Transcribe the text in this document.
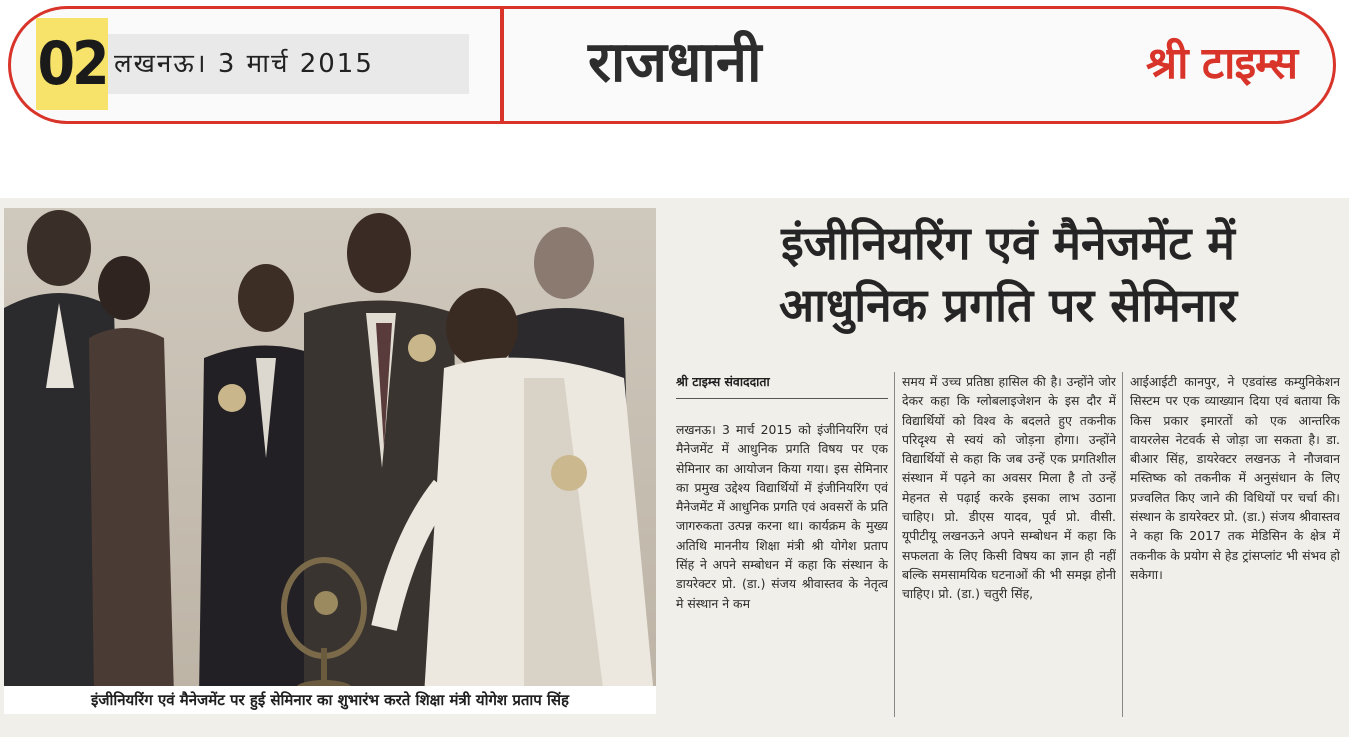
02 लखनऊ। 3 मार्च 2015	राजधानी	श्री टाइम्स
इंजीनियरिंग एवं मैनेजमेंट पर हुई सेमिनार का शुभारंभ करते शिक्षा मंत्री योगेश प्रताप सिंह
इंजीनियरिंग एवं मैनेजमेंट में
आधुनिक प्रगति पर सेमिनार
श्री टाइम्स संवाददाता

लखनऊ। 3 मार्च 2015 को इंजीनियरिंग एवं मैनेजमेंट में आधुनिक प्रगति विषय पर एक सेमिनार का आयोजन किया गया। इस सेमिनार का प्रमुख उद्देश्य विद्यार्थियों में इंजीनियरिंग एवं मैनेजमेंट में आधुनिक प्रगति एवं अवसरों के प्रति जागरुकता उत्पन्न करना था। कार्यक्रम के मुख्य अतिथि माननीय शिक्षा मंत्री श्री योगेश प्रताप सिंह ने अपने सम्बोधन में कहा कि संस्थान के डायरेक्टर प्रो. (डा.) संजय श्रीवास्तव के नेतृत्व मे संस्थान ने कम

समय में उच्च प्रतिष्ठा हासिल की है। उन्होंने जोर देकर कहा कि ग्लोबलाइजेशन के इस दौर में विद्यार्थियों को विश्व के बदलते हुए तकनीक परिदृश्य से स्वयं को जोड़ना होगा। उन्होंने विद्यार्थियों से कहा कि जब उन्हें एक प्रगतिशील संस्थान में पढ़ने का अवसर मिला है तो उन्हें मेहनत से पढ़ाई करके इसका लाभ उठाना चाहिए। प्रो. डीएस यादव, पूर्व प्रो. वीसी. यूपीटीयू लखनऊने अपने सम्बोधन में कहा कि सफलता के लिए किसी विषय का ज्ञान ही नहीं बल्कि समसामयिक घटनाओं की भी समझ होनी चाहिए। प्रो. (डा.) चतुरी सिंह,

आईआईटी कानपुर, ने एडवांस्ड कम्युनिकेशन सिस्टम पर एक व्याख्यान दिया एवं बताया कि किस प्रकार इमारतों को एक आन्तरिक वायरलेस नेटवर्क से जोड़ा जा सकता है। डा. बीआर सिंह, डायरेक्टर लखनऊ ने नौजवान मस्तिष्क को तकनीक में अनुसंधान के लिए प्रज्वलित किए जाने की विधियों पर चर्चा की। संस्थान के डायरेक्टर प्रो. (डा.) संजय श्रीवास्तव ने कहा कि 2017 तक मेडिसिन के क्षेत्र में तकनीक के प्रयोग से हेड ट्रांसप्लांट भी संभव हो सकेगा।
